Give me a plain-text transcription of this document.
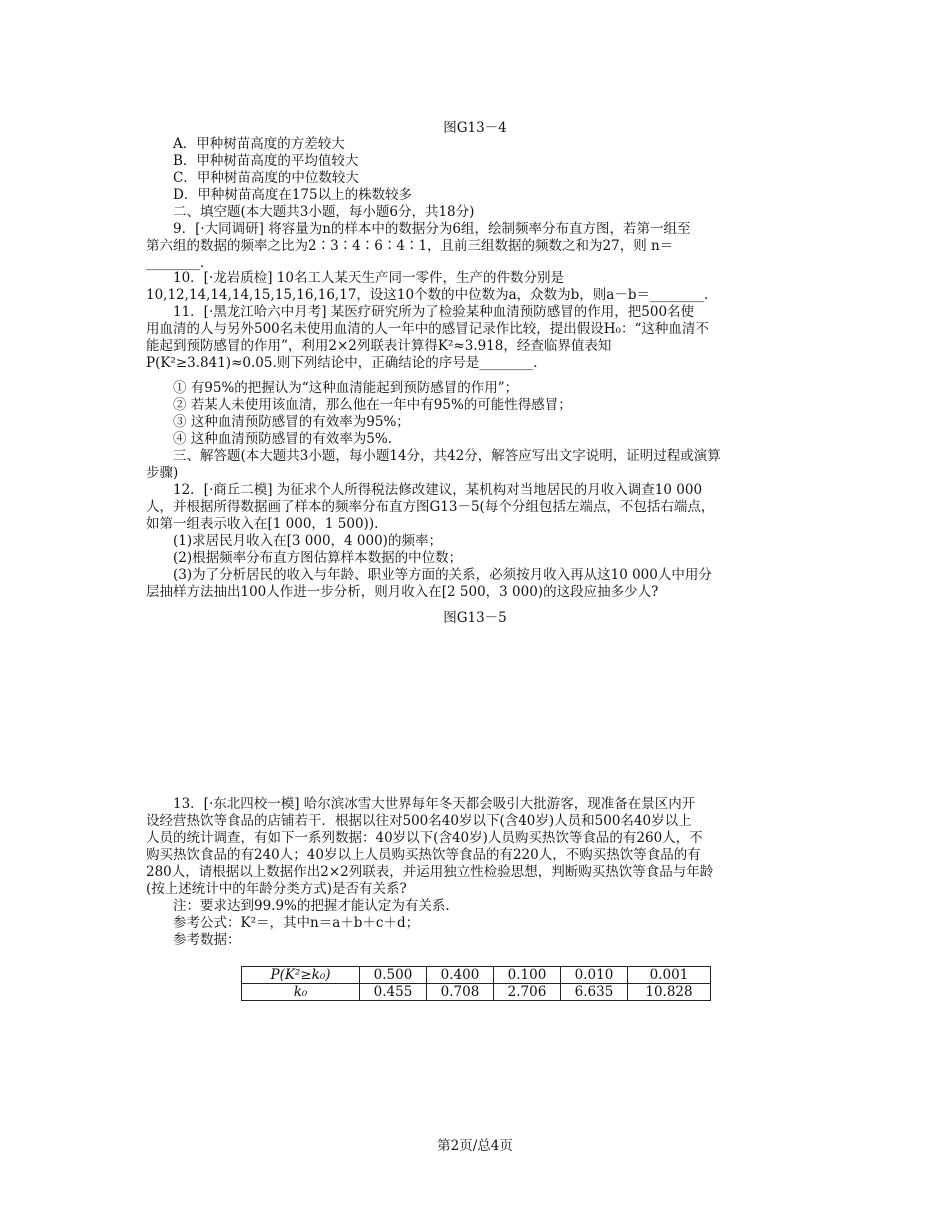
图G13－4
A．甲种树苗高度的方差较大
B．甲种树苗高度的平均值较大
C．甲种树苗高度的中位数较大
D．甲种树苗高度在175以上的株数较多
二、填空题(本大题共3小题，每小题6分，共18分)
9．[·大同调研] 将容量为n的样本中的数据分为6组，绘制频率分布直方图，若第一组至
第六组的数据的频率之比为2∶3∶4∶6∶4∶1，且前三组数据的频数之和为27，则 n＝
________．
10．[·龙岩质检] 10名工人某天生产同一零件，生产的件数分别是
10,12,14,14,14,15,15,16,16,17，设这10个数的中位数为a，众数为b，则a－b＝________．
11．[·黑龙江哈六中月考] 某医疗研究所为了检验某种血清预防感冒的作用，把500名使
用血清的人与另外500名未使用血清的人一年中的感冒记录作比较，提出假设H₀：“这种血清不
能起到预防感冒的作用”，利用2×2列联表计算得K²≈3.918，经查临界值表知
P(K²≥3.841)≈0.05.则下列结论中，正确结论的序号是________.
① 有95%的把握认为“这种血清能起到预防感冒的作用”；
② 若某人未使用该血清，那么他在一年中有95%的可能性得感冒；
③ 这种血清预防感冒的有效率为95%；
④ 这种血清预防感冒的有效率为5%.
三、解答题(本大题共3小题，每小题14分，共42分，解答应写出文字说明，证明过程或演算
步骤)
12．[·商丘二模] 为征求个人所得税法修改建议，某机构对当地居民的月收入调查10 000
人，并根据所得数据画了样本的频率分布直方图G13－5(每个分组包括左端点，不包括右端点，
如第一组表示收入在[1 000，1 500)).
(1)求居民月收入在[3 000，4 000)的频率；
(2)根据频率分布直方图估算样本数据的中位数；
(3)为了分析居民的收入与年龄、职业等方面的关系，必须按月收入再从这10 000人中用分
层抽样方法抽出100人作进一步分析，则月收入在[2 500，3 000)的这段应抽多少人?
图G13－5
13．[·东北四校一模] 哈尔滨冰雪大世界每年冬天都会吸引大批游客，现准备在景区内开
设经营热饮等食品的店铺若干．根据以往对500名40岁以下(含40岁)人员和500名40岁以上
人员的统计调查，有如下一系列数据：40岁以下(含40岁)人员购买热饮等食品的有260人，不
购买热饮食品的有240人；40岁以上人员购买热饮等食品的有220人，不购买热饮等食品的有
280人，请根据以上数据作出2×2列联表，并运用独立性检验思想，判断购买热饮等食品与年龄
(按上述统计中的年龄分类方式)是否有关系?
注：要求达到99.9%的把握才能认定为有关系.
参考公式：K²＝，其中n＝a＋b＋c＋d；
参考数据：
P(K²≥k₀)	0.500	0.400	0.100	0.010	0.001
k₀	0.455	0.708	2.706	6.635	10.828
第2页/总4页
